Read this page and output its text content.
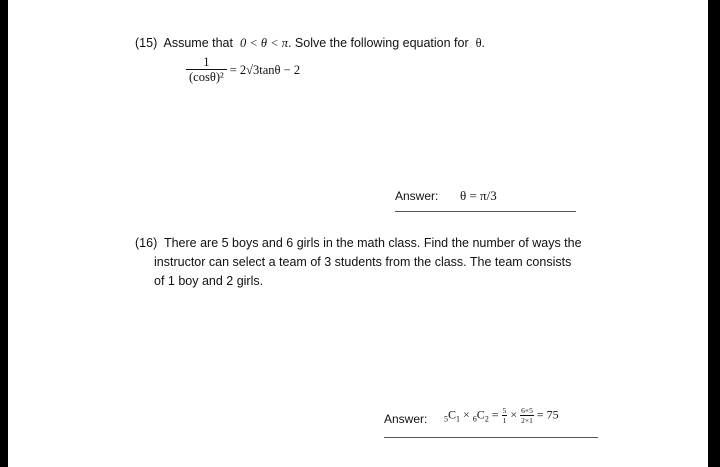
(15) Assume that 0 < θ < π. Solve the following equation for θ.
$\frac{1}{\text{(cosθ)²}} = 2√3\tan\theta - 2$
Answer: θ = π/3
(16) There are 5 boys and 6 girls in the math class. Find the number of ways the
instructor can select a team of 3 students from the class. The team consists
of 1 boy and 2 girls.
Answer: $_5C_1 \times _6C_2 = \frac{5}{1} \times \frac{6\times 5}{2\times 1} = 75$
